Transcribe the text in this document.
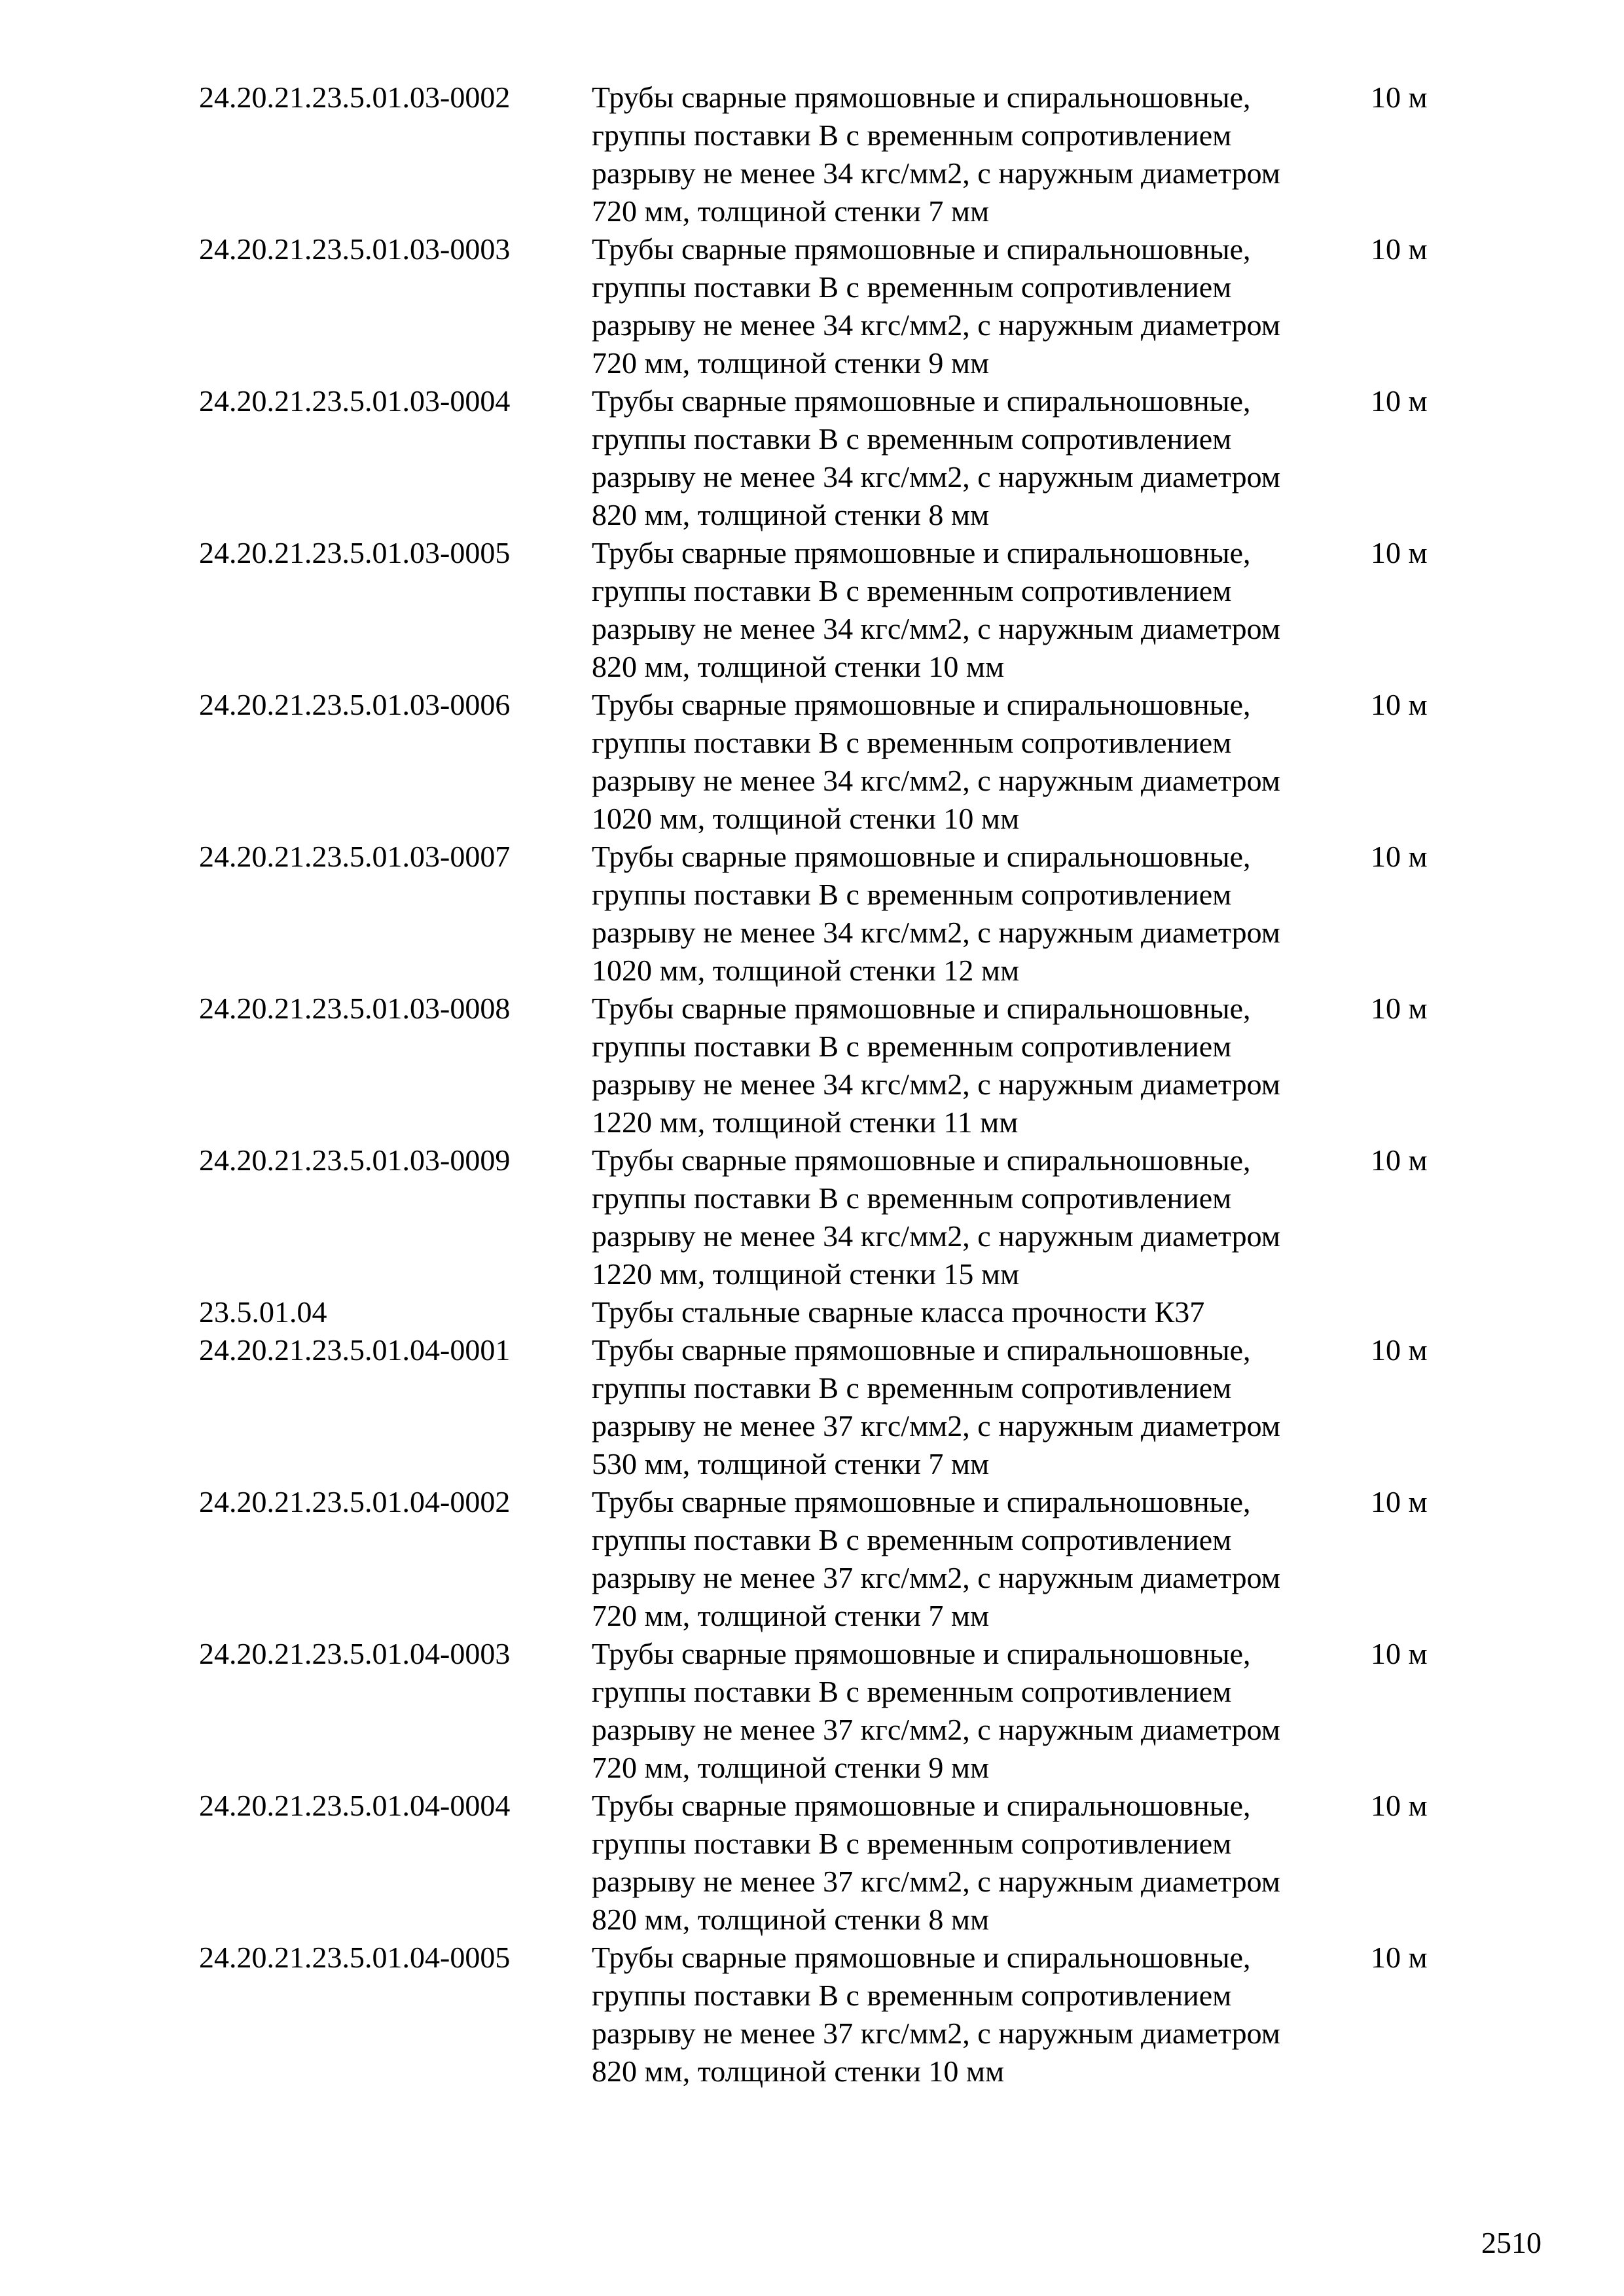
24.20.21.23.5.01.03-0002	Трубы сварные прямошовные и спиральношовные,
группы поставки В с временным сопротивлением
разрыву не менее 34 кгс/мм2, с наружным диаметром
720 мм, толщиной стенки 7 мм
10 м
24.20.21.23.5.01.03-0003	Трубы сварные прямошовные и спиральношовные,
группы поставки В с временным сопротивлением
разрыву не менее 34 кгс/мм2, с наружным диаметром
720 мм, толщиной стенки 9 мм
10 м
24.20.21.23.5.01.03-0004	Трубы сварные прямошовные и спиральношовные,
группы поставки В с временным сопротивлением
разрыву не менее 34 кгс/мм2, с наружным диаметром
820 мм, толщиной стенки 8 мм
10 м
24.20.21.23.5.01.03-0005	Трубы сварные прямошовные и спиральношовные,
группы поставки В с временным сопротивлением
разрыву не менее 34 кгс/мм2, с наружным диаметром
820 мм, толщиной стенки 10 мм
10 м
24.20.21.23.5.01.03-0006	Трубы сварные прямошовные и спиральношовные,
группы поставки В с временным сопротивлением
разрыву не менее 34 кгс/мм2, с наружным диаметром
1020 мм, толщиной стенки 10 мм
10 м
24.20.21.23.5.01.03-0007	Трубы сварные прямошовные и спиральношовные,
группы поставки В с временным сопротивлением
разрыву не менее 34 кгс/мм2, с наружным диаметром
1020 мм, толщиной стенки 12 мм
10 м
24.20.21.23.5.01.03-0008	Трубы сварные прямошовные и спиральношовные,
группы поставки В с временным сопротивлением
разрыву не менее 34 кгс/мм2, с наружным диаметром
1220 мм, толщиной стенки 11 мм
10 м
24.20.21.23.5.01.03-0009	Трубы сварные прямошовные и спиральношовные,
группы поставки В с временным сопротивлением
разрыву не менее 34 кгс/мм2, с наружным диаметром
1220 мм, толщиной стенки 15 мм
10 м
23.5.01.04	Трубы стальные сварные класса прочности К37
24.20.21.23.5.01.04-0001	Трубы сварные прямошовные и спиральношовные,
группы поставки В с временным сопротивлением
разрыву не менее 37 кгс/мм2, с наружным диаметром
530 мм, толщиной стенки 7 мм
10 м
24.20.21.23.5.01.04-0002	Трубы сварные прямошовные и спиральношовные,
группы поставки В с временным сопротивлением
разрыву не менее 37 кгс/мм2, с наружным диаметром
720 мм, толщиной стенки 7 мм
10 м
24.20.21.23.5.01.04-0003	Трубы сварные прямошовные и спиральношовные,
группы поставки В с временным сопротивлением
разрыву не менее 37 кгс/мм2, с наружным диаметром
720 мм, толщиной стенки 9 мм
10 м
24.20.21.23.5.01.04-0004	Трубы сварные прямошовные и спиральношовные,
группы поставки В с временным сопротивлением
разрыву не менее 37 кгс/мм2, с наружным диаметром
820 мм, толщиной стенки 8 мм
10 м
24.20.21.23.5.01.04-0005	Трубы сварные прямошовные и спиральношовные,
группы поставки В с временным сопротивлением
разрыву не менее 37 кгс/мм2, с наружным диаметром
820 мм, толщиной стенки 10 мм
10 м
2510
